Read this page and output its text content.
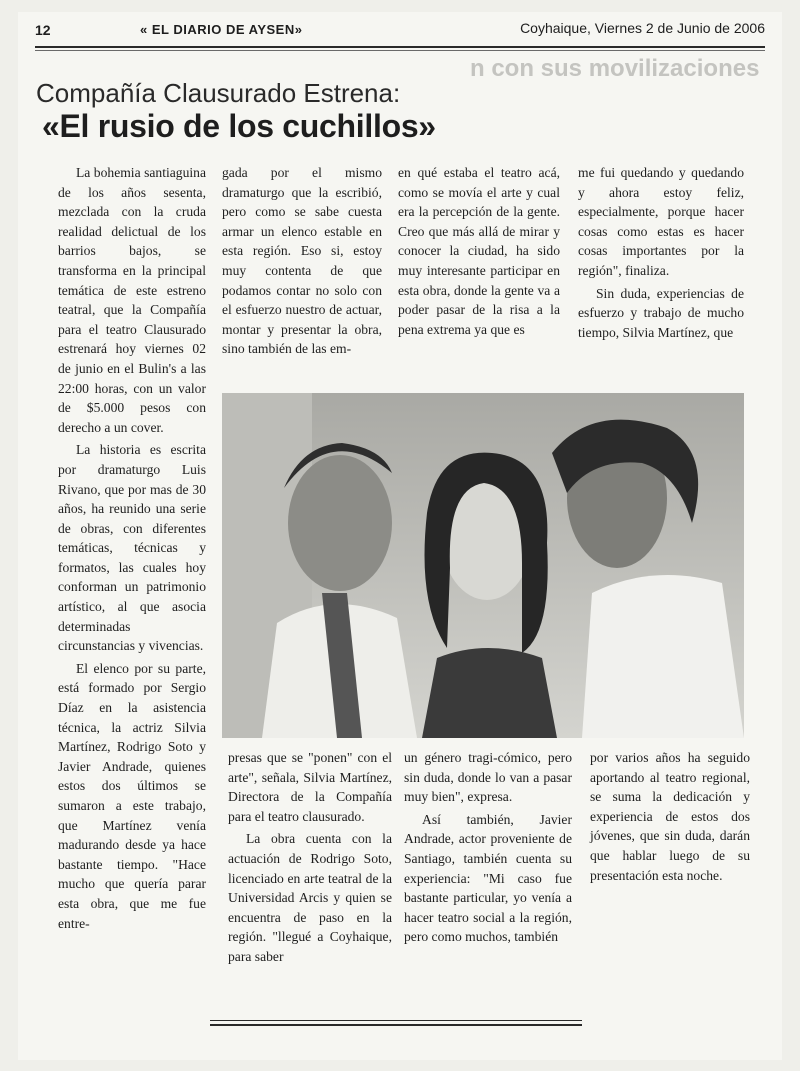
n con sus movilizaciones
12	« EL DIARIO DE AYSEN»	Coyhaique, Viernes 2 de Junio de 2006
Compañía Clausurado Estrena:
«El rusio de los cuchillos»

La bohemia santiaguina de los años sesenta, mezclada con la cruda realidad delictual de los barrios bajos, se transforma en la principal temática de este estreno teatral, que la Compañía para el teatro Clausurado estrenará hoy viernes 02 de junio en el Bulin's a las 22:00 horas, con un valor de $5.000 pesos con derecho a un cover.

La historia es escrita por dramaturgo Luis Rivano, que por mas de 30 años, ha reunido una serie de obras, con diferentes temáticas, técnicas y formatos, las cuales hoy conforman un patrimonio artístico, al que asocia determinadas circunstancias y vivencias.

El elenco por su parte, está formado por Sergio Díaz en la asistencia técnica, la actriz Silvia Martínez, Rodrigo Soto y Javier Andrade, quienes estos dos últimos se sumaron a este trabajo, que Martínez venía madurando desde ya hace bastante tiempo. "Hace mucho que quería parar esta obra, que me fue entre-

gada por el mismo dramaturgo que la escribió, pero como se sabe cuesta armar un elenco estable en esta región. Eso si, estoy muy contenta de que podamos contar no solo con el esfuerzo nuestro de actuar, montar y presentar la obra, sino también de las em-

en qué estaba el teatro acá, como se movía el arte y cual era la percepción de la gente. Creo que más allá de mirar y conocer la ciudad, ha sido muy interesante participar en esta obra, donde la gente va a poder pasar de la risa a la pena extrema ya que es

me fui quedando y quedando y ahora estoy feliz, especialmente, porque hacer cosas como estas es hacer cosas importantes por la región", finaliza.

Sin duda, experiencias de esfuerzo y trabajo de mucho tiempo, Silvia Martínez, que

presas que se "ponen" con el arte", señala, Silvia Martínez, Directora de la Compañía para el teatro clausurado.

La obra cuenta con la actuación de Rodrigo Soto, licenciado en arte teatral de la Universidad Arcis y quien se encuentra de paso en la región. "llegué a Coyhaique, para saber

un género tragi-cómico, pero sin duda, donde lo van a pasar muy bien", expresa.

Así también, Javier Andrade, actor proveniente de Santiago, también cuenta su experiencia: "Mi caso fue bastante particular, yo venía a hacer teatro social a la región, pero como muchos, también

por varios años ha seguido aportando al teatro regional, se suma la dedicación y experiencia de estos dos jóvenes, que sin duda, darán que hablar luego de su presentación esta noche.
